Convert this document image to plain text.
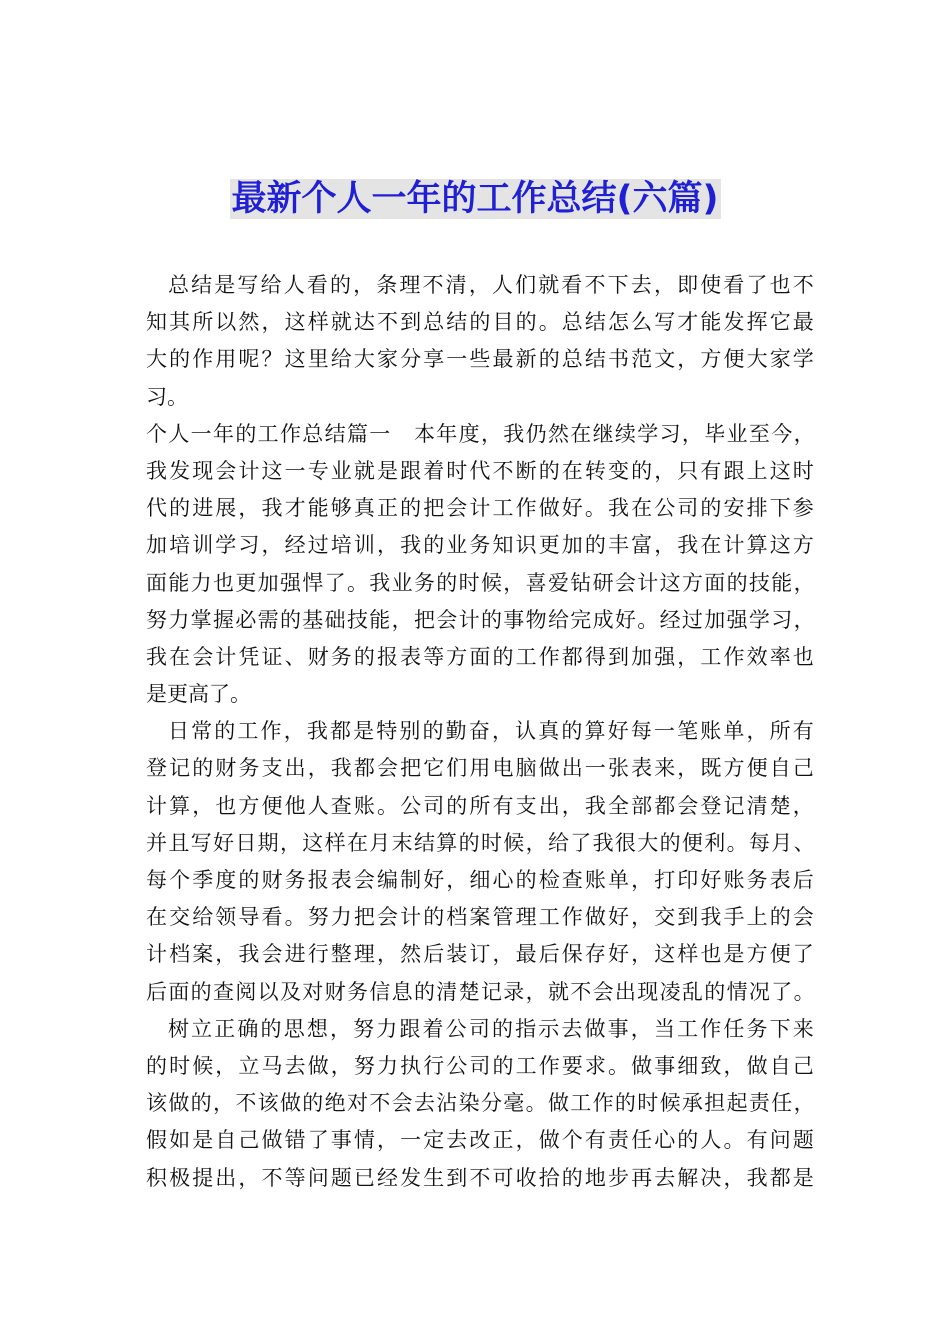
最新个人一年的工作总结(六篇)
总结是写给人看的，条理不清，人们就看不下去，即使看了也不
知其所以然，这样就达不到总结的目的。总结怎么写才能发挥它最
大的作用呢？这里给大家分享一些最新的总结书范文，方便大家学
习。
个人一年的工作总结篇一　本年度，我仍然在继续学习，毕业至今，
我发现会计这一专业就是跟着时代不断的在转变的，只有跟上这时
代的进展，我才能够真正的把会计工作做好。我在公司的安排下参
加培训学习，经过培训，我的业务知识更加的丰富，我在计算这方
面能力也更加强悍了。我业务的时候，喜爱钻研会计这方面的技能，
努力掌握必需的基础技能，把会计的事物给完成好。经过加强学习，
我在会计凭证、财务的报表等方面的工作都得到加强，工作效率也
是更高了。
日常的工作，我都是特别的勤奋，认真的算好每一笔账单，所有
登记的财务支出，我都会把它们用电脑做出一张表来，既方便自己
计算，也方便他人查账。公司的所有支出，我全部都会登记清楚，
并且写好日期，这样在月末结算的时候，给了我很大的便利。每月、
每个季度的财务报表会编制好，细心的检查账单，打印好账务表后
在交给领导看。努力把会计的档案管理工作做好，交到我手上的会
计档案，我会进行整理，然后装订，最后保存好，这样也是方便了
后面的查阅以及对财务信息的清楚记录，就不会出现凌乱的情况了。
树立正确的思想，努力跟着公司的指示去做事，当工作任务下来
的时候，立马去做，努力执行公司的工作要求。做事细致，做自己
该做的，不该做的绝对不会去沾染分毫。做工作的时候承担起责任，
假如是自己做错了事情，一定去改正，做个有责任心的人。有问题
积极提出，不等问题已经发生到不可收拾的地步再去解决，我都是
